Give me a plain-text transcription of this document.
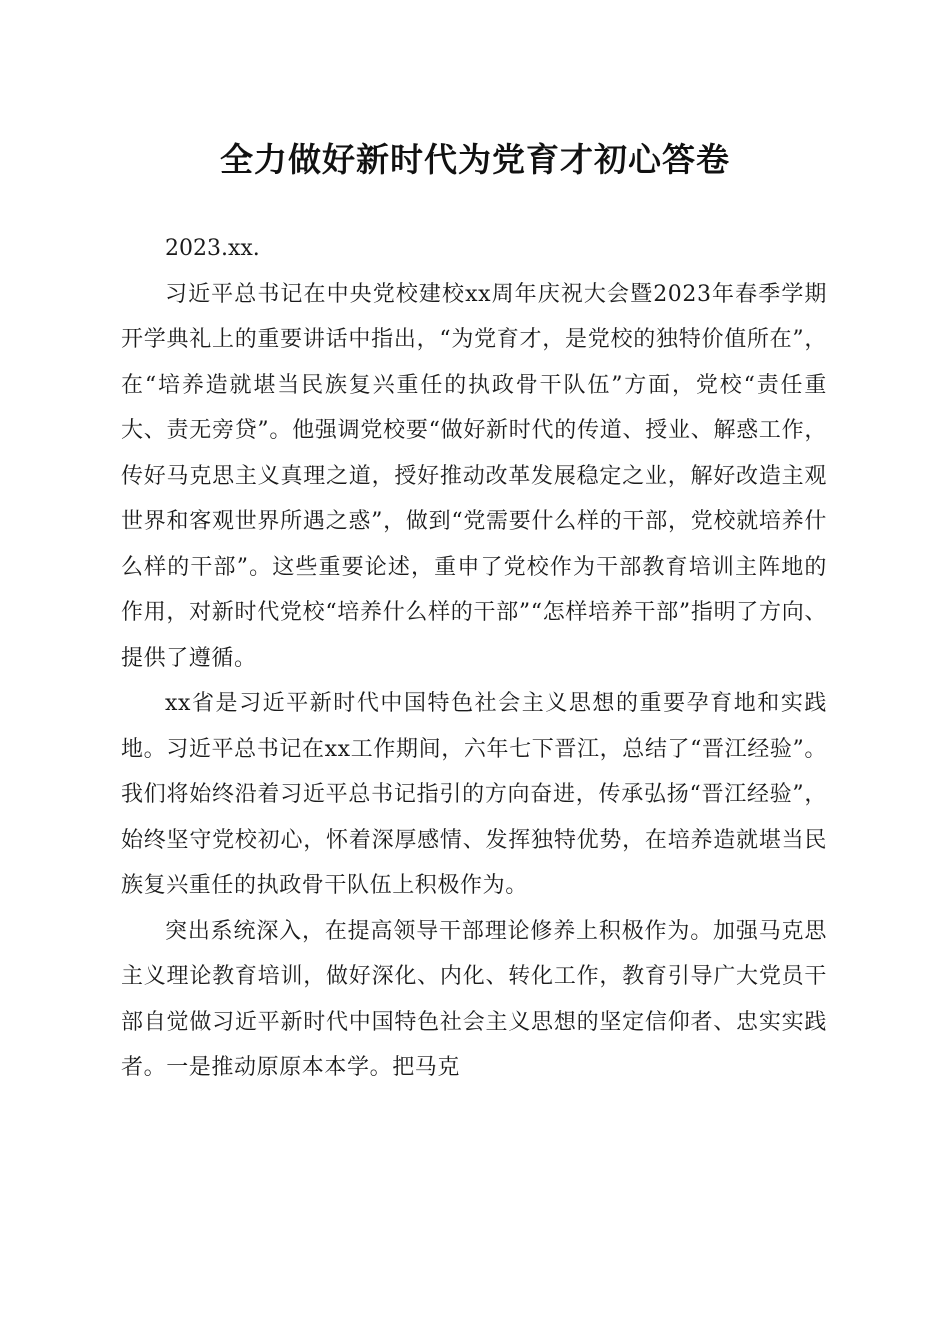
全力做好新时代为党育才初心答卷

2023.xx.

习近平总书记在中央党校建校xx周年庆祝大会暨2023年春季学期开学典礼上的重要讲话中指出，“为党育才，是党校的独特价值所在”，在“培养造就堪当民族复兴重任的执政骨干队伍”方面，党校“责任重大、责无旁贷”。他强调党校要“做好新时代的传道、授业、解惑工作，传好马克思主义真理之道，授好推动改革发展稳定之业，解好改造主观世界和客观世界所遇之惑”，做到“党需要什么样的干部，党校就培养什么样的干部”。这些重要论述，重申了党校作为干部教育培训主阵地的作用，对新时代党校“培养什么样的干部”“怎样培养干部”指明了方向、提供了遵循。

xx省是习近平新时代中国特色社会主义思想的重要孕育地和实践地。习近平总书记在xx工作期间，六年七下晋江，总结了“晋江经验”。我们将始终沿着习近平总书记指引的方向奋进，传承弘扬“晋江经验”，始终坚守党校初心，怀着深厚感情、发挥独特优势，在培养造就堪当民族复兴重任的执政骨干队伍上积极作为。

突出系统深入，在提高领导干部理论修养上积极作为。加强马克思主义理论教育培训，做好深化、内化、转化工作，教育引导广大党员干部自觉做习近平新时代中国特色社会主义思想的坚定信仰者、忠实实践者。一是推动原原本本学。把马克
